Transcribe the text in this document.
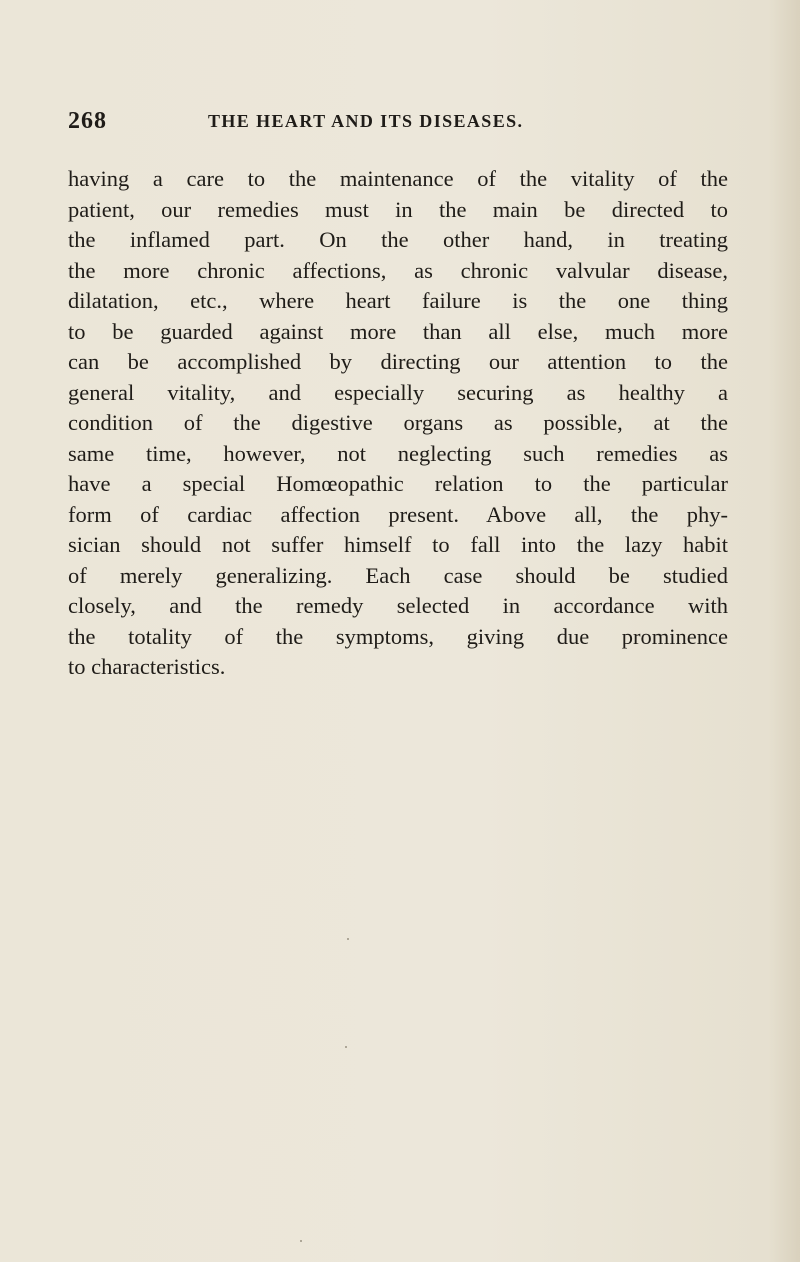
268	THE HEART AND ITS DISEASES.
having a care to the maintenance of the vitality of the
patient, our remedies must in the main be directed to
the inflamed part. On the other hand, in treating
the more chronic affections, as chronic valvular disease,
dilatation, etc., where heart failure is the one thing
to be guarded against more than all else, much more
can be accomplished by directing our attention to the
general vitality, and especially securing as healthy a
condition of the digestive organs as possible, at the
same time, however, not neglecting such remedies as
have a special Homœopathic relation to the particular
form of cardiac affection present. Above all, the phy-
sician should not suffer himself to fall into the lazy habit
of merely generalizing. Each case should be studied
closely, and the remedy selected in accordance with
the totality of the symptoms, giving due prominence
to characteristics.
